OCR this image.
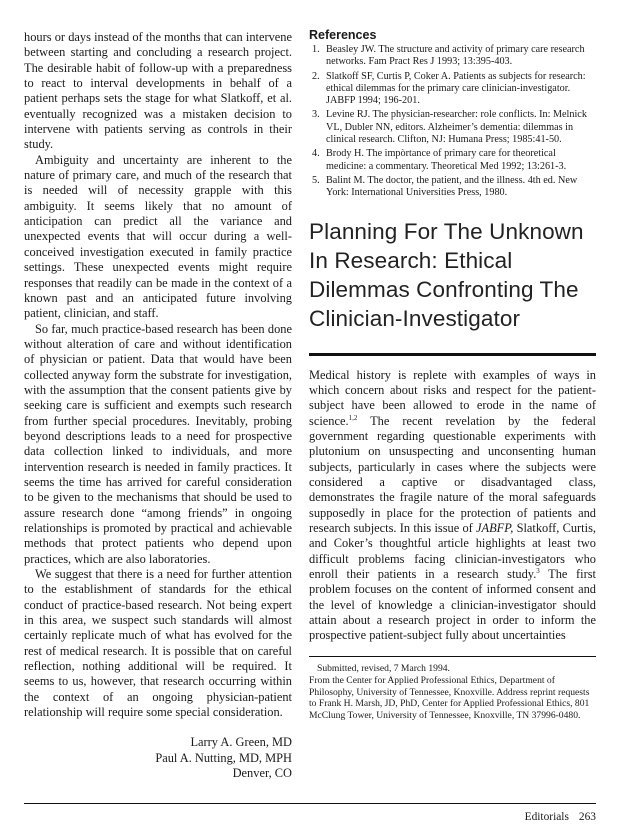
hours or days instead of the months that can intervene between starting and concluding a research project. The desirable habit of follow-up with a preparedness to react to interval developments in behalf of a patient perhaps sets the stage for what Slatkoff, et al. eventually recognized was a mistaken decision to intervene with patients serving as controls in their study.

Ambiguity and uncertainty are inherent to the nature of primary care, and much of the research that is needed will of necessity grapple with this ambiguity. It seems likely that no amount of anticipation can predict all the variance and unexpected events that will occur during a well-conceived investigation executed in family practice settings. These unexpected events might require responses that readily can be made in the context of a known past and an anticipated future involving patient, clinician, and staff.

So far, much practice-based research has been done without alteration of care and without identification of physician or patient. Data that would have been collected anyway form the substrate for investigation, with the assumption that the consent patients give by seeking care is sufficient and exempts such research from further special procedures. Inevitably, probing beyond descriptions leads to a need for prospective data collection linked to individuals, and more intervention research is needed in family practices. It seems the time has arrived for careful consideration to be given to the mechanisms that should be used to assure research done “among friends” in ongoing relationships is promoted by practical and achievable methods that protect patients who depend upon practices, which are also laboratories.

We suggest that there is a need for further attention to the establishment of standards for the ethical conduct of practice-based research. Not being expert in this area, we suspect such standards will almost certainly replicate much of what has evolved for the rest of medical research. It is possible that on careful reflection, nothing additional will be required. It seems to us, however, that research occurring within the context of an ongoing physician-patient relationship will require some special consideration.

Larry A. Green, MD
Paul A. Nutting, MD, MPH
Denver, CO
References
1. Beasley JW. The structure and activity of primary care research networks. Fam Pract Res J 1993; 13:395-403.
2. Slatkoff SF, Curtis P, Coker A. Patients as subjects for research: ethical dilemmas for the primary care clinician-investigator. JABFP 1994; 196-201.
3. Levine RJ. The physician-researcher: role conflicts. In: Melnick VL, Dubler NN, editors. Alzheimer’s dementia: dilemmas in clinical research. Clifton, NJ: Humana Press; 1985:41-50.
4. Brody H. The impòrtance of primary care for theoretical medicine: a commentary. Theoretical Med 1992; 13:261-3.
5. Balint M. The doctor, the patient, and the illness. 4th ed. New York: International Universities Press, 1980.
Planning For The Unknown In Research: Ethical Dilemmas Confronting The Clinician-Investigator

Medical history is replete with examples of ways in which concern about risks and respect for the patient-subject have been allowed to erode in the name of science.$^{1,2}$ The recent revelation by the federal government regarding questionable experiments with plutonium on unsuspecting and unconsenting human subjects, particularly in cases where the subjects were considered a captive or disadvantaged class, demonstrates the fragile nature of the moral safeguards supposedly in place for the protection of patients and research subjects. In this issue of JABFP, Slatkoff, Curtis, and Coker’s thoughtful article highlights at least two difficult problems facing clinician-investigators who enroll their patients in a research study.$^3$ The first problem focuses on the content of informed consent and the level of knowledge a clinician-investigator should attain about a research project in order to inform the prospective patient-subject fully about uncertainties

Submitted, revised, 7 March 1994.
From the Center for Applied Professional Ethics, Department of Philosophy, University of Tennessee, Knoxville. Address reprint requests to Frank H. Marsh, JD, PhD, Center for Applied Professional Ethics, 801 McClung Tower, University of Tennessee, Knoxville, TN 37996-0480.
Editorials 263
